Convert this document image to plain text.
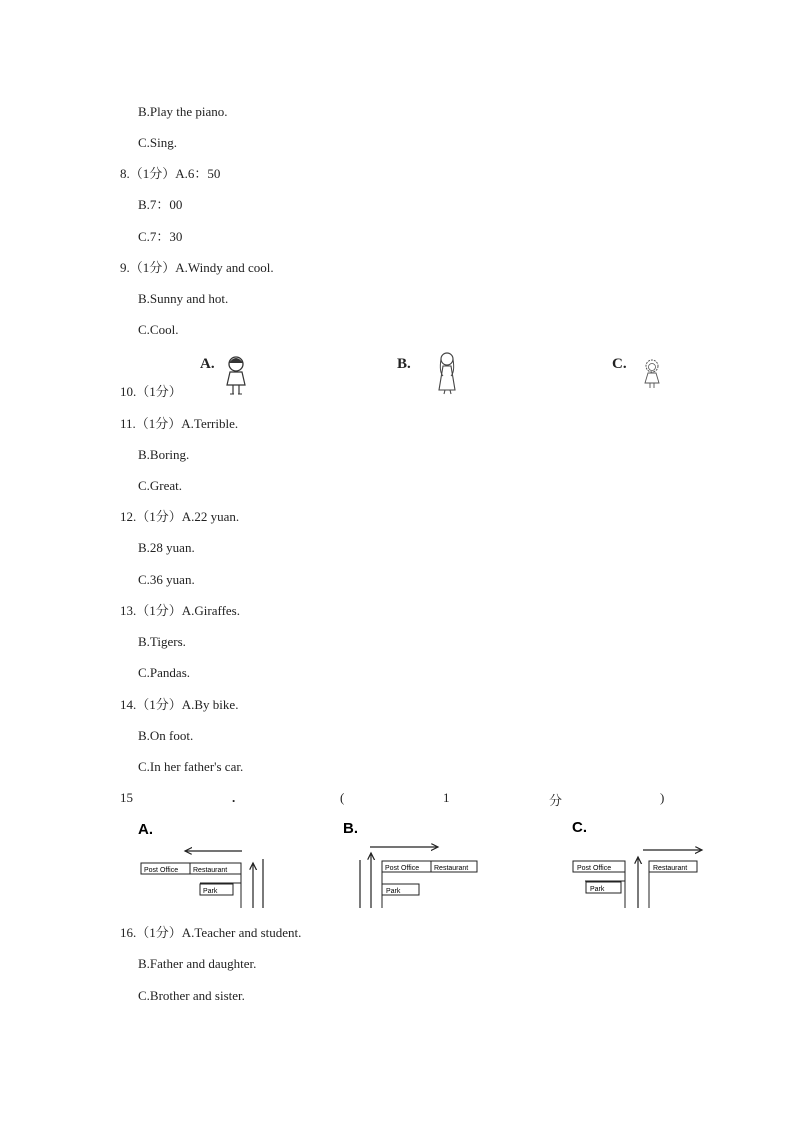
B.Play the piano.
C.Sing.
8.（1分）A.6：50
B.7：00
C.7：30
9.（1分）A.Windy and cool.
B.Sunny and hot.
C.Cool.
10.（1分）
A.	B.	C.
11.（1分）A.Terrible.
B.Boring.
C.Great.
12.（1分）A.22 yuan.
B.28 yuan.
C.36 yuan.
13.（1分）A.Giraffes.
B.Tigers.
C.Pandas.
14.（1分）A.By bike.
B.On foot.
C.In her father's car.
15	.	(	1	分	)
A.
Post Office Restaurant
Park
B.
Post Office Restaurant
Park
C.
Post Office
Park
Restaurant
16.（1分）A.Teacher and student.
B.Father and daughter.
C.Brother and sister.
